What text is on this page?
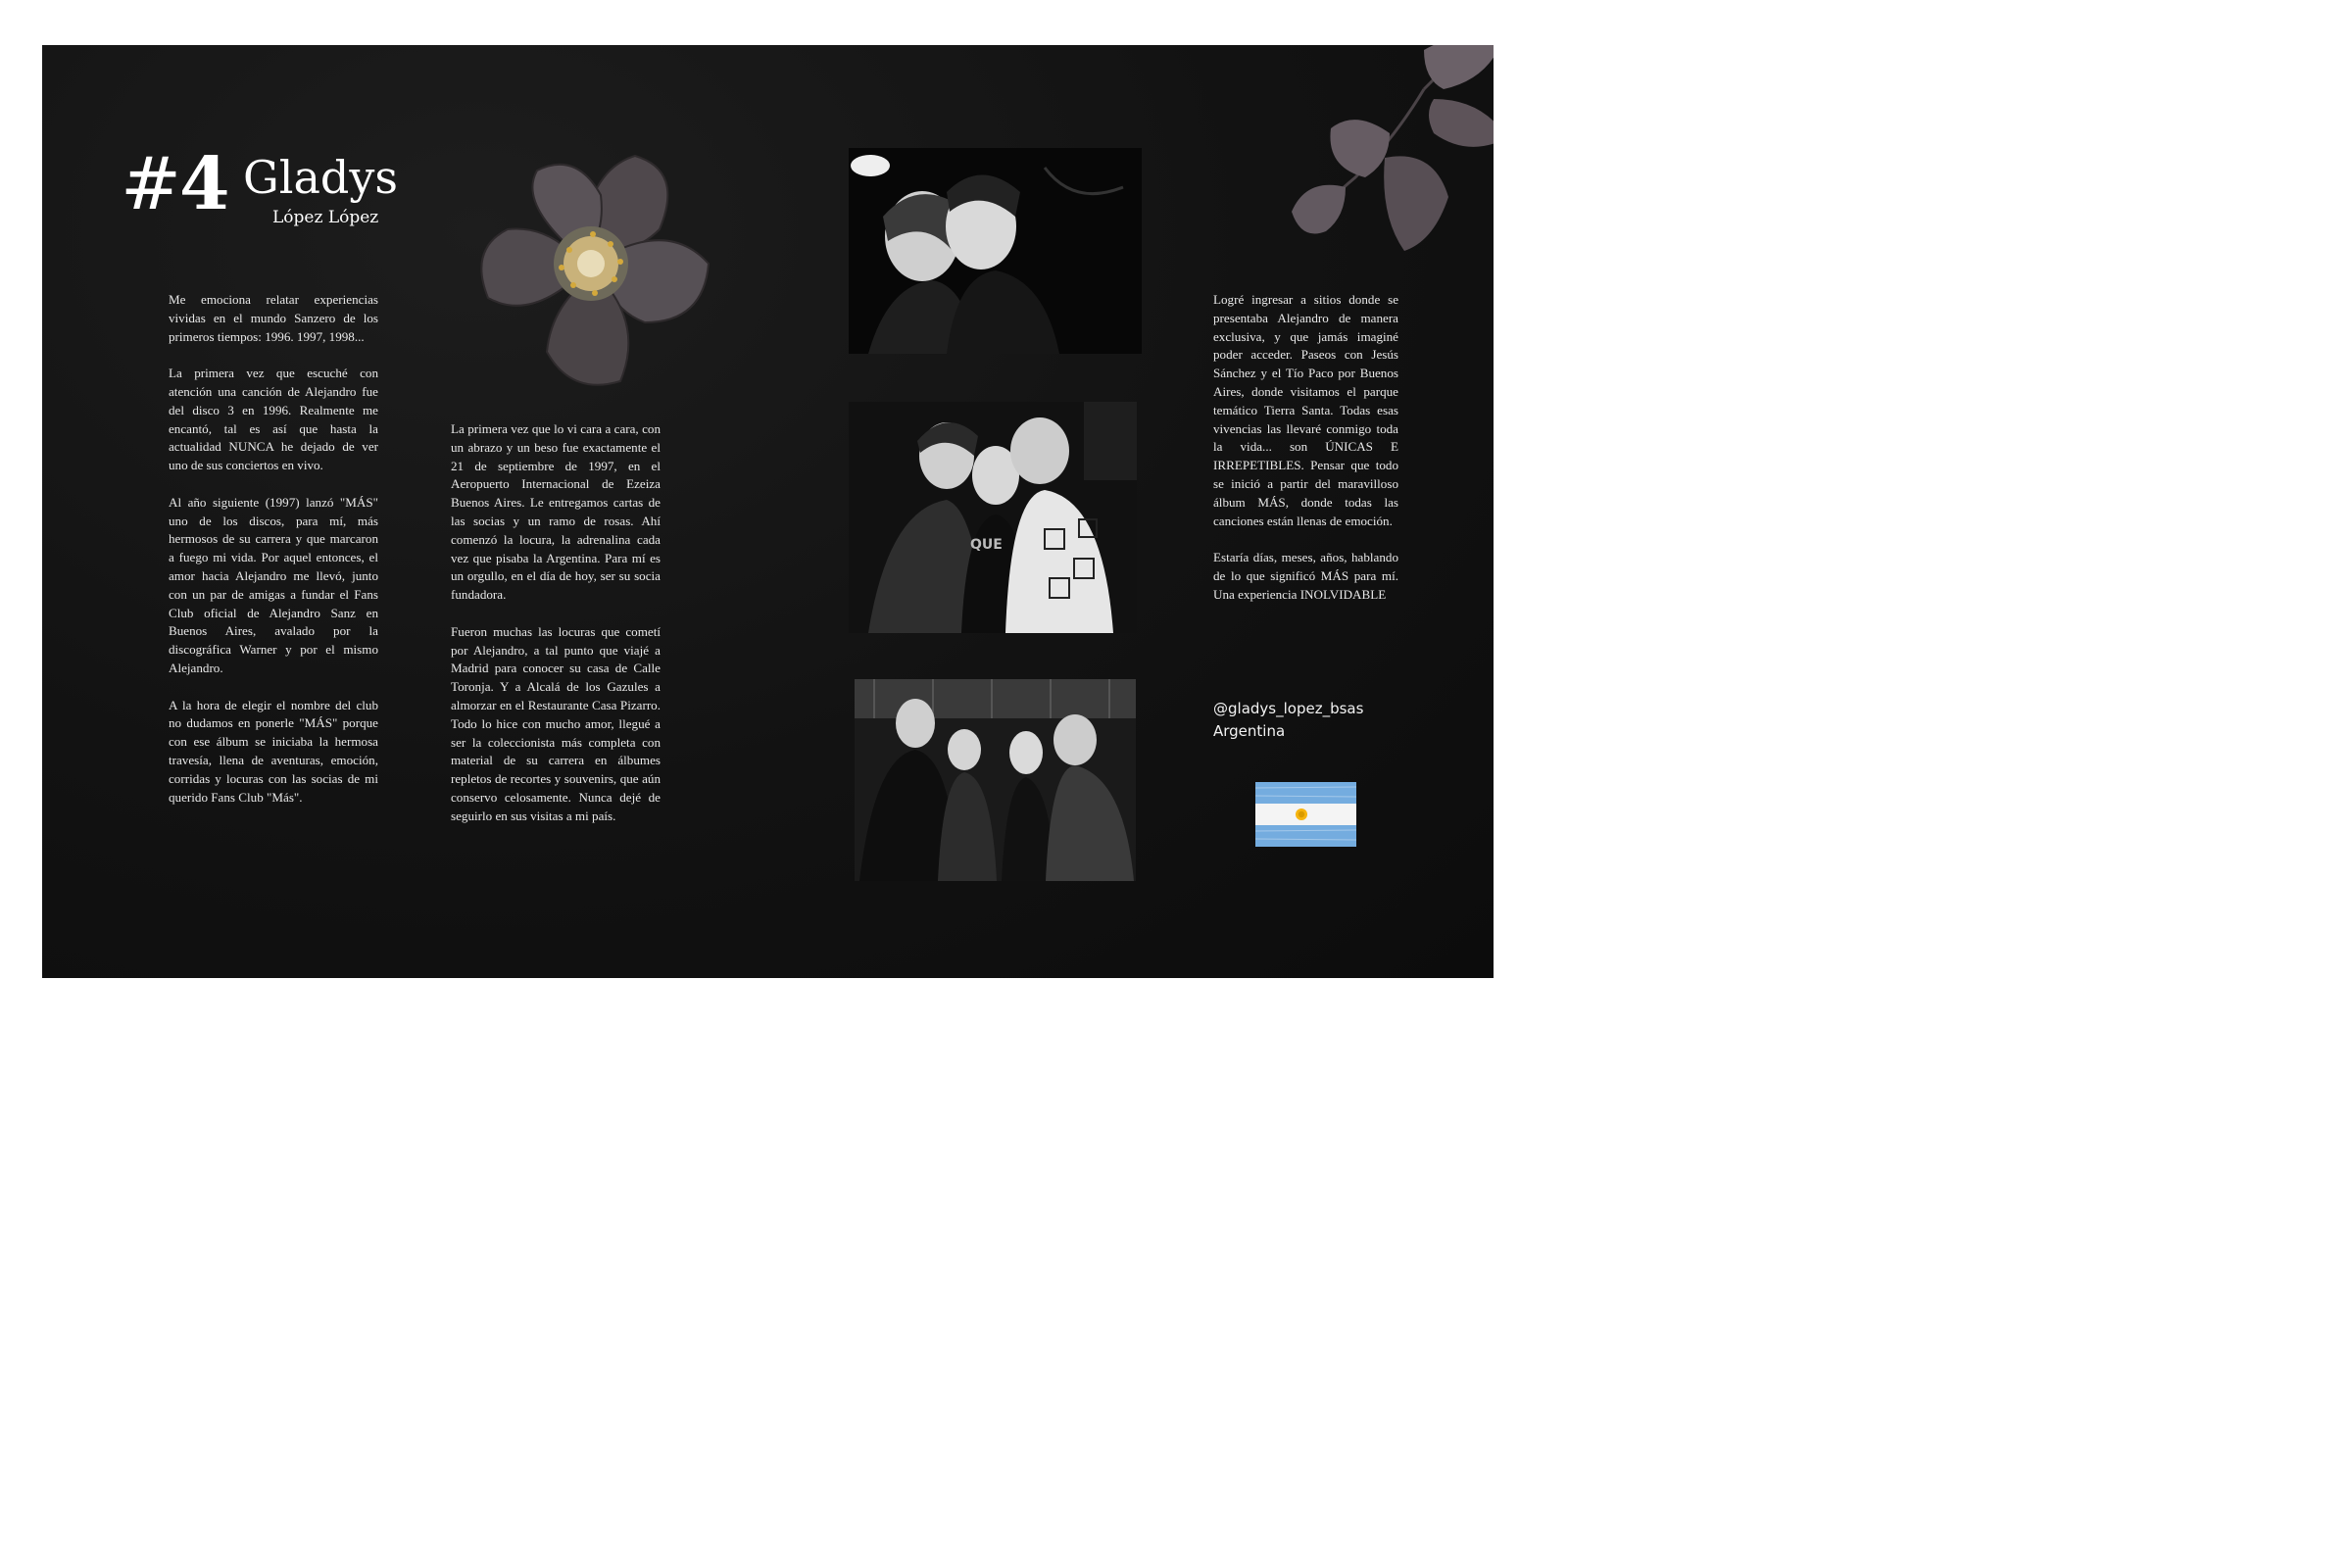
#4 Gladys
López López

Me emociona relatar experiencias vividas en el mundo Sanzero de los primeros tiempos: 1996. 1997, 1998...

La primera vez que escuché con atención una canción de Alejandro fue del disco 3 en 1996. Realmente me encantó, tal es así que hasta la actualidad NUNCA he dejado de ver uno de sus conciertos en vivo.

Al año siguiente (1997) lanzó "MÁS" uno de los discos, para mí, más hermosos de su carrera y que marcaron a fuego mi vida. Por aquel entonces, el amor hacia Alejandro me llevó, junto con un par de amigas a fundar el Fans Club oficial de Alejandro Sanz en Buenos Aires, avalado por la discográfica Warner y por el mismo Alejandro.

A la hora de elegir el nombre del club no dudamos en ponerle "MÁS" porque con ese álbum se iniciaba la hermosa travesía, llena de aventuras, emoción, corridas y locuras con las socias de mi querido Fans Club "Más".

La primera vez que lo vi cara a cara, con un abrazo y un beso fue exactamente el 21 de septiembre de 1997, en el Aeropuerto Internacional de Ezeiza Buenos Aires. Le entregamos cartas de las socias y un ramo de rosas. Ahí comenzó la locura, la adrenalina cada vez que pisaba la Argentina. Para mí es un orgullo, en el día de hoy, ser su socia fundadora.

Fueron muchas las locuras que cometí por Alejandro, a tal punto que viajé a Madrid para conocer su casa de Calle Toronja. Y a Alcalá de los Gazules a almorzar en el Restaurante Casa Pizarro. Todo lo hice con mucho amor, llegué a ser la coleccionista más completa con material de su carrera en álbumes repletos de recortes y souvenirs, que aún conservo celosamente. Nunca dejé de seguirlo en sus visitas a mi país.

QUE

Logré ingresar a sitios donde se presentaba Alejandro de manera exclusiva, y que jamás imaginé poder acceder. Paseos con Jesús Sánchez y el Tío Paco por Buenos Aires, donde visitamos el parque temático Tierra Santa. Todas esas vivencias las llevaré conmigo toda la vida... son ÚNICAS E IRREPETIBLES. Pensar que todo se inició a partir del maravilloso álbum MÁS, donde todas las canciones están llenas de emoción.

Estaría días, meses, años, hablando de lo que significó MÁS para mí. Una experiencia INOLVIDABLE

@gladys_lopez_bsas
Argentina
